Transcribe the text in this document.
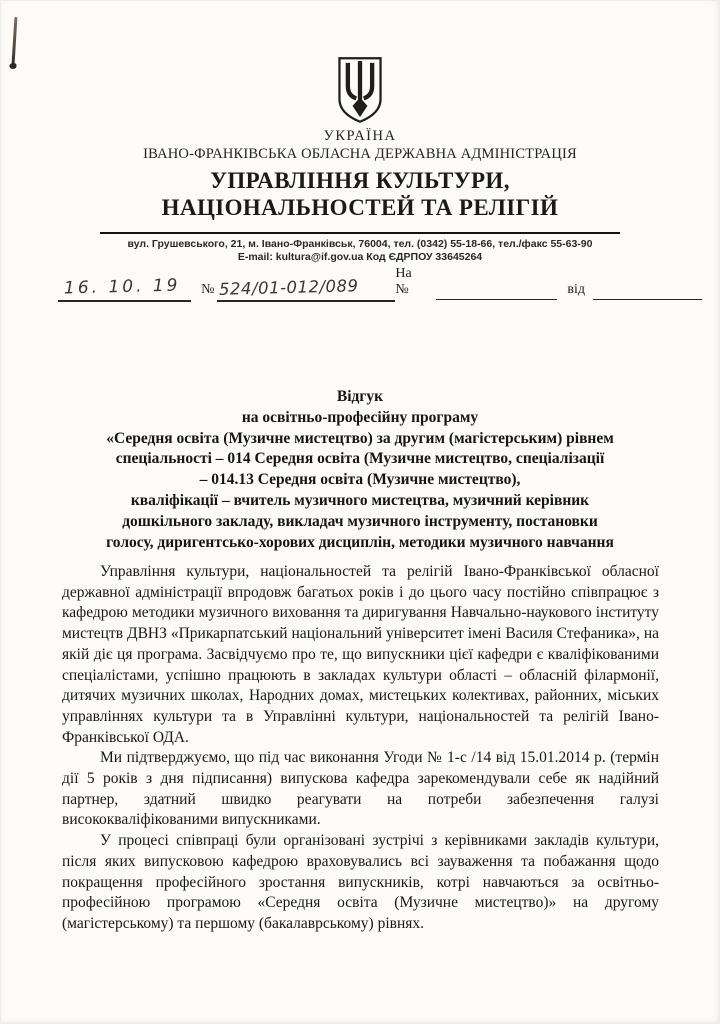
УКРАЇНА
ІВАНО-ФРАНКІВСЬКА ОБЛАСНА ДЕРЖАВНА АДМІНІСТРАЦІЯ
УПРАВЛІННЯ КУЛЬТУРИ,
НАЦІОНАЛЬНОСТЕЙ ТА РЕЛІГІЙ
вул. Грушевського, 21, м. Івано-Франківськ, 76004, тел. (0342) 55-18-66, тел./факс 55-63-90
E-mail: kultura@if.gov.ua Код ЄДРПОУ 33645264
16. 10. 19	№ 524/01-012/089
На №	від
Відгук
на освітньо-професійну програму
«Середня освіта (Музичне мистецтво) за другим (магістерським) рівнем
спеціальності – 014 Середня освіта (Музичне мистецтво, спеціалізації
– 014.13 Середня освіта (Музичне мистецтво),
кваліфікації – вчитель музичного мистецтва, музичний керівник
дошкільного закладу, викладач музичного інструменту, постановки
голосу, диригентсько-хорових дисциплін, методики музичного навчання

Управління культури, національностей та релігій Івано-Франківської обласної державної адміністрації впродовж багатьох років і до цього часу постійно співпрацює з кафедрою методики музичного виховання та диригування Навчально-наукового інституту мистецтв ДВНЗ «Прикарпатський національний університет імені Василя Стефаника», на якій діє ця програма. Засвідчуємо про те, що випускники цієї кафедри є кваліфікованими спеціалістами, успішно працюють в закладах культури області – обласній філармонії, дитячих музичних школах, Народних домах, мистецьких колективах, районних, міських управліннях культури та в Управлінні культури, національностей та релігій Івано-Франківської ОДА.

Ми підтверджуємо, що під час виконання Угоди № 1-с /14 від 15.01.2014 р. (термін дії 5 років з дня підписання) випускова кафедра зарекомендували себе як надійний партнер, здатний швидко реагувати на потреби забезпечення галузі висококваліфікованими випускниками.

У процесі співпраці були організовані зустрічі з керівниками закладів культури, після яких випусковою кафедрою враховувались всі зауваження та побажання щодо покращення професійного зростання випускників, котрі навчаються за освітньо-професійною програмою «Середня освіта (Музичне мистецтво)» на другому (магістерському) та першому (бакалаврському) рівнях.
